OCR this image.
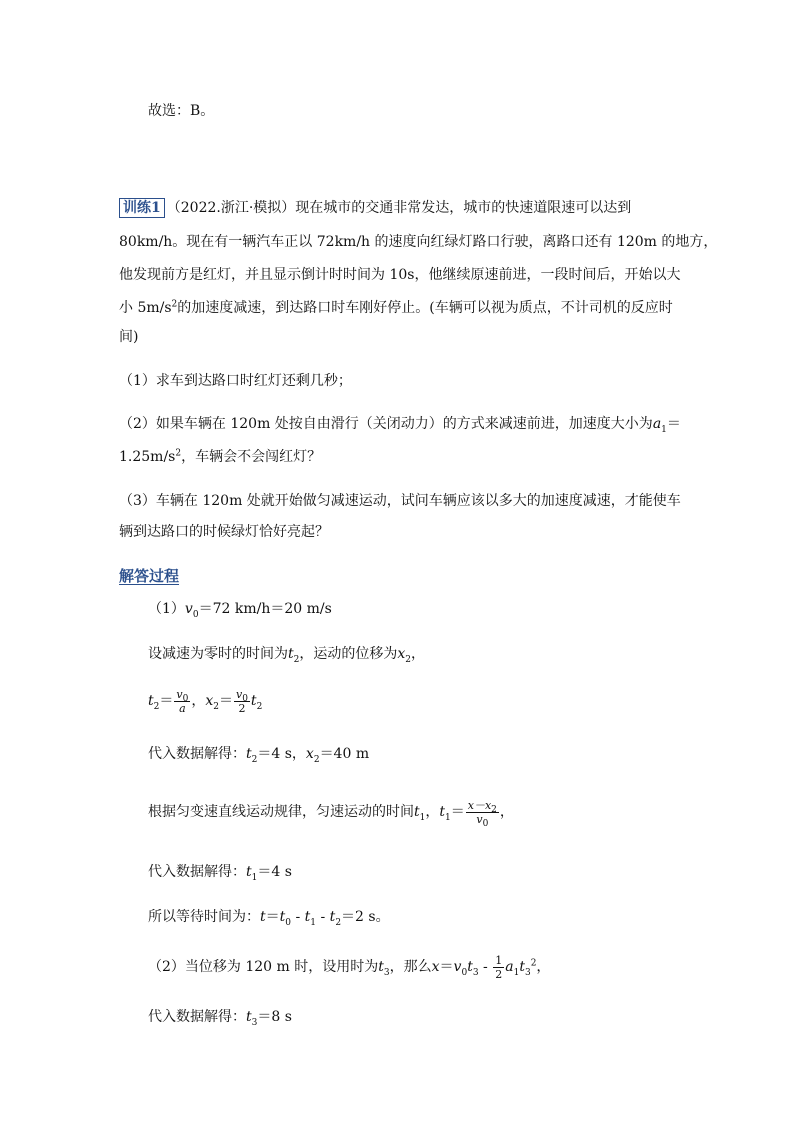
故选：B。
训练1 （2022.浙江·模拟）现在城市的交通非常发达，城市的快速道限速可以达到
80km/h。现在有一辆汽车正以 72km/h 的速度向红绿灯路口行驶，离路口还有 120m 的地方，
他发现前方是红灯，并且显示倒计时时间为 10s，他继续原速前进，一段时间后，开始以大
小 $5m/s^2$的加速度减速，到达路口时车刚好停止。(车辆可以视为质点，不计司机的反应时
间)
（1）求车到达路口时红灯还剩几秒；
（2）如果车辆在 120m 处按自由滑行（关闭动力）的方式来减速前进，加速度大小为$a_1=$
$1.25m/s^2$，车辆会不会闯红灯？
（3）车辆在 120m 处就开始做匀减速运动，试问车辆应该以多大的加速度减速，才能使车
辆到达路口的时候绿灯恰好亮起？
解答过程
$(1)v_0=72$ km/h＝20 m/s
设减速为零时的时间为$t_2$，运动的位移为$x_2$，
$t_2= \frac{v_0}{a}$ ，$x_2= \frac{v_0}{2} t_2$
代入数据解得：$t_2=4$ s，$x_2=40$ m
根据匀变速直线运动规律，匀速运动的时间$t_1$，$t_1= \frac{x-x_2}{v_0}$ ，
代入数据解得：$t_1=4$ s
所以等待时间为：$t=t_0 - t_1 - t_2=2$ s。
（2）当位移为 120 m 时，设用时为$t_3$，那么$x=v_0t_3 - \frac{1}{2} a_1t_3^2$，
代入数据解得：$t_3=8$ s
